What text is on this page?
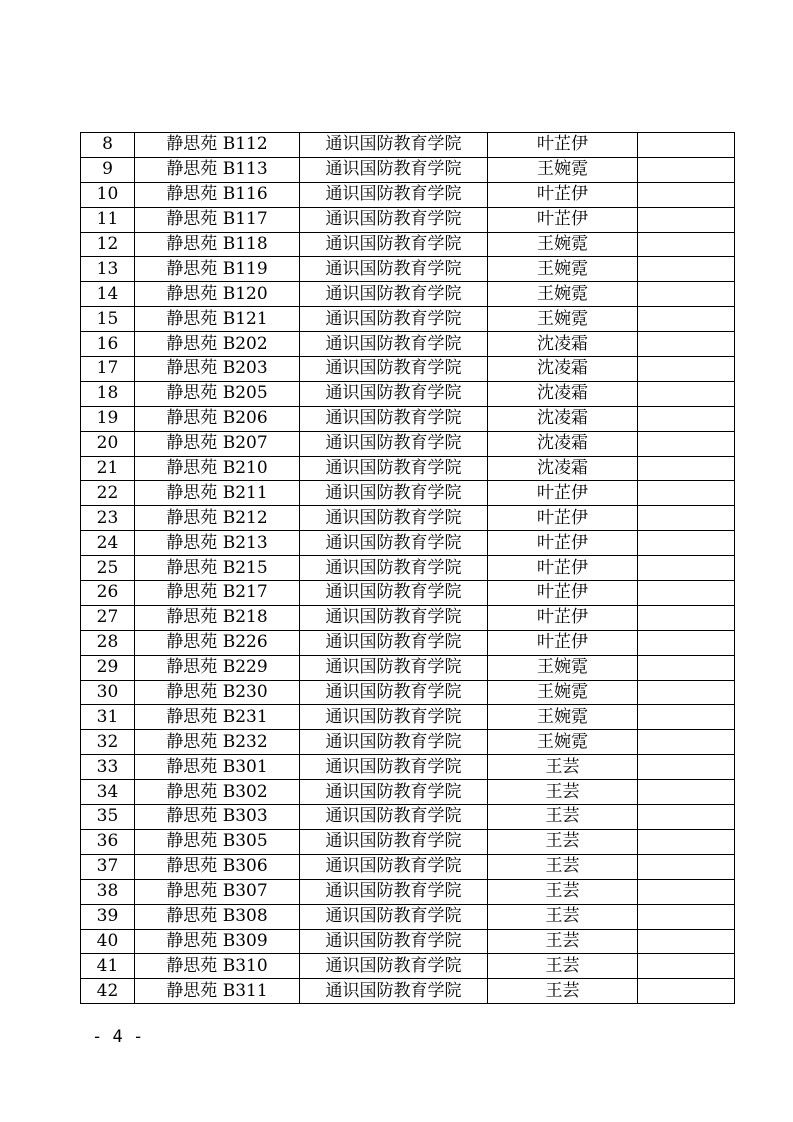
8	静思苑 B112	通识国防教育学院	叶芷伊	
9	静思苑 B113	通识国防教育学院	王婉霓	
10	静思苑 B116	通识国防教育学院	叶芷伊	
11	静思苑 B117	通识国防教育学院	叶芷伊	
12	静思苑 B118	通识国防教育学院	王婉霓	
13	静思苑 B119	通识国防教育学院	王婉霓	
14	静思苑 B120	通识国防教育学院	王婉霓	
15	静思苑 B121	通识国防教育学院	王婉霓	
16	静思苑 B202	通识国防教育学院	沈凌霜	
17	静思苑 B203	通识国防教育学院	沈凌霜	
18	静思苑 B205	通识国防教育学院	沈凌霜	
19	静思苑 B206	通识国防教育学院	沈凌霜	
20	静思苑 B207	通识国防教育学院	沈凌霜	
21	静思苑 B210	通识国防教育学院	沈凌霜	
22	静思苑 B211	通识国防教育学院	叶芷伊	
23	静思苑 B212	通识国防教育学院	叶芷伊	
24	静思苑 B213	通识国防教育学院	叶芷伊	
25	静思苑 B215	通识国防教育学院	叶芷伊	
26	静思苑 B217	通识国防教育学院	叶芷伊	
27	静思苑 B218	通识国防教育学院	叶芷伊	
28	静思苑 B226	通识国防教育学院	叶芷伊	
29	静思苑 B229	通识国防教育学院	王婉霓	
30	静思苑 B230	通识国防教育学院	王婉霓	
31	静思苑 B231	通识国防教育学院	王婉霓	
32	静思苑 B232	通识国防教育学院	王婉霓	
33	静思苑 B301	通识国防教育学院	王芸	
34	静思苑 B302	通识国防教育学院	王芸	
35	静思苑 B303	通识国防教育学院	王芸	
36	静思苑 B305	通识国防教育学院	王芸	
37	静思苑 B306	通识国防教育学院	王芸	
38	静思苑 B307	通识国防教育学院	王芸	
39	静思苑 B308	通识国防教育学院	王芸	
40	静思苑 B309	通识国防教育学院	王芸	
41	静思苑 B310	通识国防教育学院	王芸	
42	静思苑 B311	通识国防教育学院	王芸	
- 4 -
